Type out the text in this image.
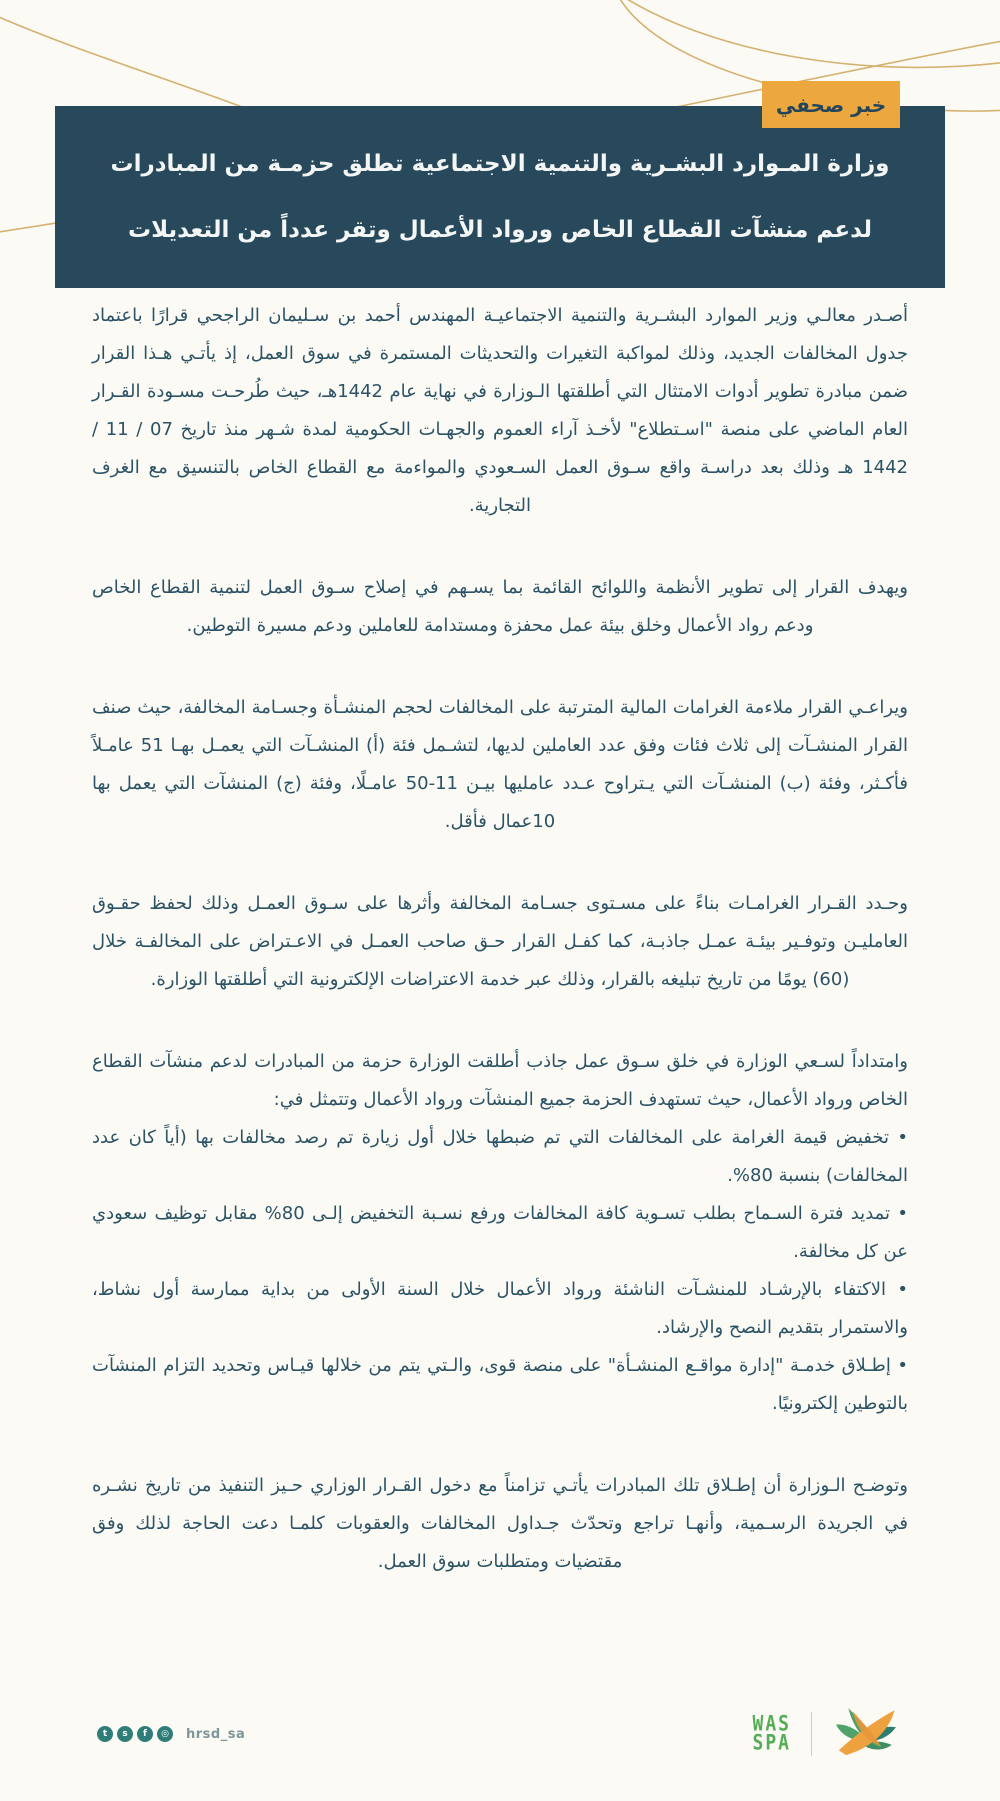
خبر صحفي
وزارة المـوارد البشـرية والتنمية الاجتماعية تطلق حزمـة من المبادرات
لدعم منشآت القطاع الخاص ورواد الأعمال وتقر عدداً من التعديلات

أصـدر معالـي وزير الموارد البشـرية والتنمية الاجتماعيـة المهندس أحمد بن سـليمان الراجحي قرارًا باعتماد جدول المخالفات الجديد، وذلك لمواكبة التغيرات والتحديثات المستمرة في سوق العمل، إذ يأتـي هـذا القرار ضمن مبادرة تطوير أدوات الامتثال التي أطلقتها الـوزارة في نهاية عام 1442هـ، حيث طُرحـت مسـودة القـرار العام الماضي على منصة "اسـتطلاع" لأخـذ آراء العموم والجهـات الحكومية لمدة شـهر منذ تاريخ 07 / 11 / 1442 هـ وذلك بعد دراسـة واقع سـوق العمل السـعودي والمواءمة مع القطاع الخاص بالتنسيق مع الغرف التجارية.

ويهدف القرار إلى تطوير الأنظمة واللوائح القائمة بما يسـهم في إصلاح سـوق العمل لتنمية القطاع الخاص ودعم رواد الأعمال وخلق بيئة عمل محفزة ومستدامة للعاملين ودعم مسيرة التوطين.

ويراعـي القرار ملاءمة الغرامات المالية المترتبة على المخالفات لحجم المنشـأة وجسـامة المخالفة، حيث صنف القرار المنشـآت إلى ثلاث فئات وفق عدد العاملين لديها، لتشـمل فئة (أ) المنشـآت التي يعمـل بهـا 51 عامـلاً فأكـثر، وفئة (ب) المنشـآت التي يـتراوح عـدد عامليها بيـن 11-50 عامـلًا، وفئة (ج) المنشآت التي يعمل بها 10عمال فأقل.

وحـدد القـرار الغرامـات بناءً على مسـتوى جسـامة المخالفة وأثرها على سـوق العمـل وذلك لحفظ حقـوق العامليـن وتوفـير بيئـة عمـل جاذبـة، كما كفـل القرار حـق صاحب العمـل في الاعـتراض على المخالفـة خلال (60) يومًا من تاريخ تبليغه بالقرار، وذلك عبر خدمة الاعتراضات الإلكترونية التي أطلقتها الوزارة.

وامتداداً لسـعي الوزارة في خلق سـوق عمل جاذب أطلقت الوزارة حزمة من المبادرات لدعم منشآت القطاع الخاص ورواد الأعمال، حيث تستهدف الحزمة جميع المنشآت ورواد الأعمال وتتمثل في:

• تخفيض قيمة الغرامة على المخالفات التي تم ضبطها خلال أول زيارة تم رصد مخالفات بها (أياً كان عدد المخالفات) بنسبة 80%.

• تمديد فترة السـماح بطلب تسـوية كافة المخالفات ورفع نسـبة التخفيض إلـى 80% مقابل توظيف سعودي عن كل مخالفة.

• الاكتفاء بالإرشـاد للمنشـآت الناشئة ورواد الأعمال خلال السنة الأولى من بداية ممارسة أول نشاط، والاستمرار بتقديم النصح والإرشاد.

• إطـلاق خدمـة "إدارة مواقـع المنشـأة" على منصة قوى، والـتي يتم من خلالها قيـاس وتحديد التزام المنشآت بالتوطين إلكترونيًا.

وتوضـح الـوزارة أن إطـلاق تلك المبادرات يأتـي تزامناً مع دخول القـرار الوزاري حـيز التنفيذ من تاريخ نشـره في الجريدة الرسـمية، وأنهـا تراجع وتحدّث جـداول المخالفات والعقوبات كلمـا دعت الحاجة لذلك وفق مقتضيات ومتطلبات سوق العمل.

t	s	f	◎	hrsd_sa	WAS
SPA
